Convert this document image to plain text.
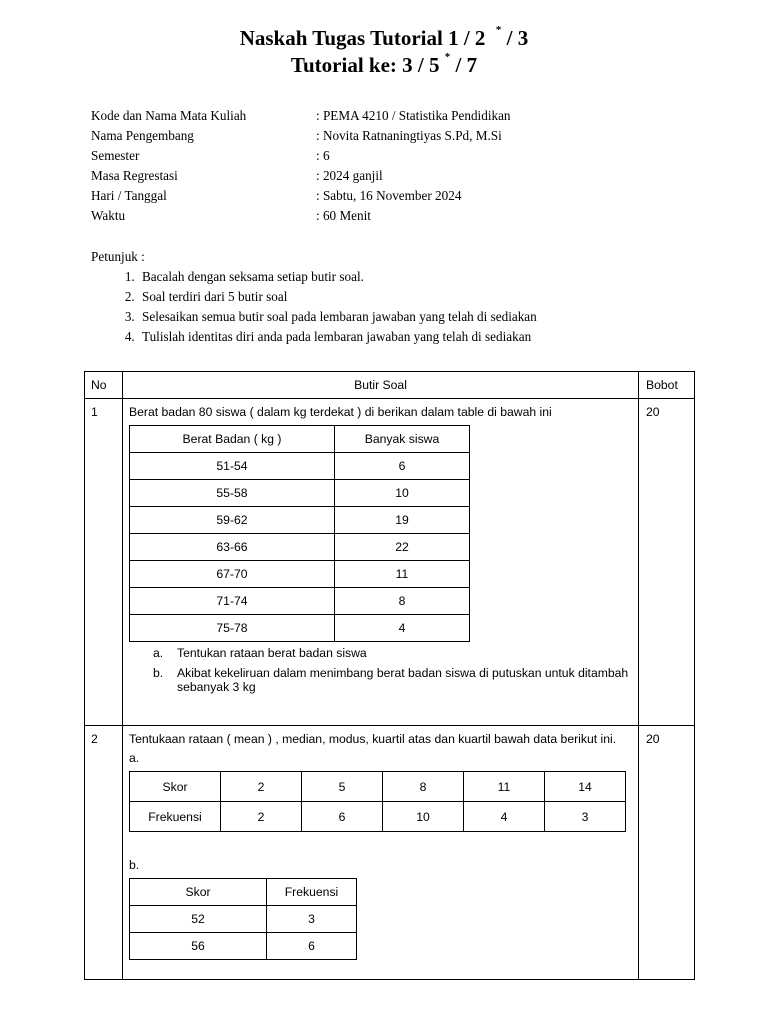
Naskah Tugas Tutorial 1 / 2 * / 3
Tutorial ke: 3 / 5 * / 7
Kode dan Nama Mata Kuliah	: PEMA 4210 / Statistika Pendidikan
Nama Pengembang	: Novita Ratnaningtiyas S.Pd, M.Si
Semester	: 6
Masa Regrestasi	: 2024 ganjil
Hari / Tanggal	: Sabtu, 16 November 2024
Waktu	: 60 Menit
Petunjuk :
1. Bacalah dengan seksama setiap butir soal.
2. Soal terdiri dari 5 butir soal
3. Selesaikan semua butir soal pada lembaran jawaban yang telah di sediakan
4. Tulislah identitas diri anda pada lembaran jawaban yang telah di sediakan
No	Butir Soal	Bobot
1	Berat badan 80 siswa ( dalam kg terdekat ) di berikan dalam table di bawah ini
Berat Badan ( kg )	Banyak siswa
51-54	6
55-58	10
59-62	19
63-66	22
67-70	11
71-74	8
75-78	4
a.	Tentukan rataan berat badan siswa
b.	Akibat kekeliruan dalam menimbang berat badan siswa di putuskan untuk ditambah sebanyak 3 kg
	20
2	Tentukaan rataan ( mean ) , median, modus, kuartil atas dan kuartil bawah data berikut ini.
a.
Skor	2	5	8	11	14
Frekuensi	2	6	10	4	3
b.
Skor	Frekuensi
52	3
56	6
	20
